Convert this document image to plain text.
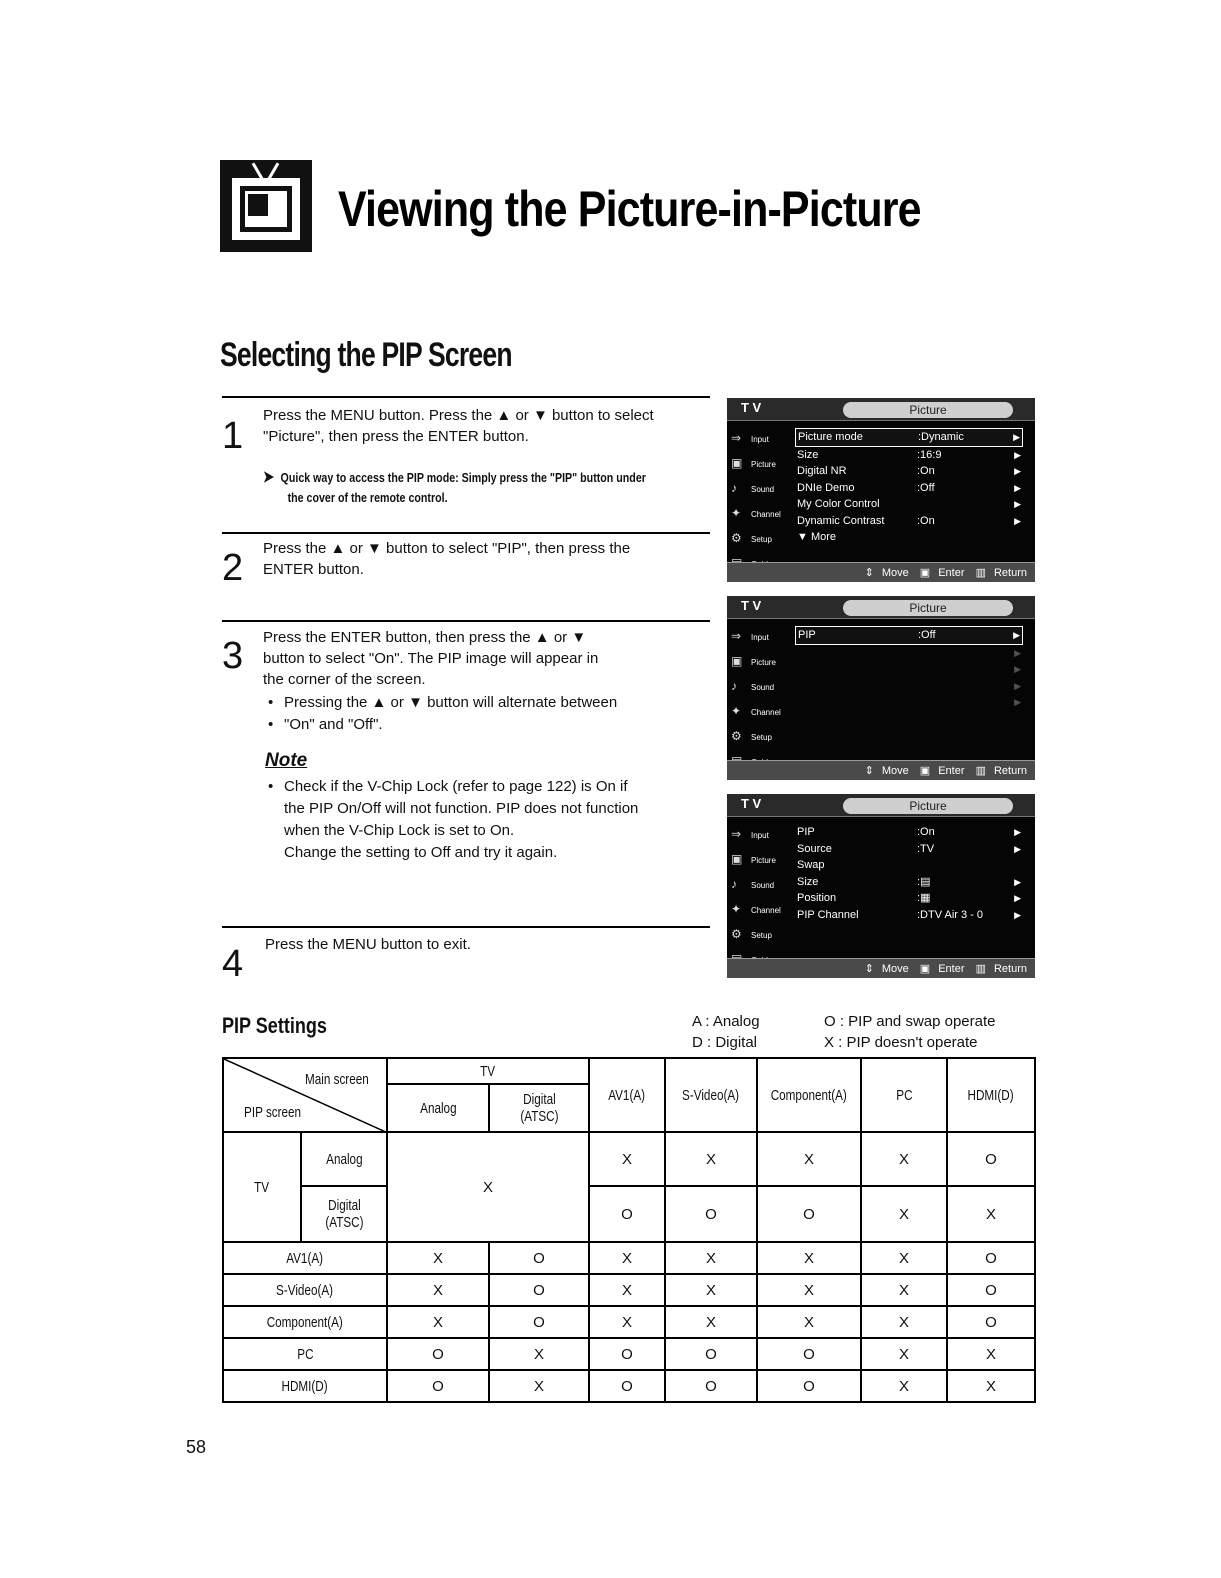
Viewing the Picture-in-Picture
Selecting the PIP Screen
1 Press the MENU button. Press the ▲ or ▼ button to select
"Picture", then press the ENTER button.
➤ Quick way to access the PIP mode: Simply press the "PIP" button under
the cover of the remote control.
2 Press the ▲ or ▼ button to select "PIP", then press the
ENTER button.
3 Press the ENTER button, then press the ▲ or ▼
button to select "On". The PIP image will appear in
the corner of the screen.
• Pressing the ▲ or ▼ button will alternate between
• "On" and "Off".
Note
• Check if the V-Chip Lock (refer to page 122) is On if
the PIP On/Off will not function. PIP does not function
when the V-Chip Lock is set to On.
Change the setting to Off and try it again.
4 Press the MENU button to exit.
T V	Picture
⇒ Input
▣ Picture
♪ Sound
✦ Channel
⚙ Setup
Picture mode	:Dynamic	▶
Size	:16:9	▶
Digital NR	:On	▶
DNIe Demo	:Off	▶
My Color Control	▶
Dynamic Contrast	:On	▶
▼ More
⇕ Move ▣ Enter ▥ Return
T V	Picture
⇒ Input
▣ Picture
♪ Sound
✦ Channel
⚙ Setup
PIP	:Off	▶
▶
▶
▶
▶
⇕ Move ▣ Enter ▥ Return
T V	Picture
⇒ Input
▣ Picture
♪ Sound
✦ Channel
⚙ Setup
PIP	:On	▶
Source	:TV	▶
Swap
Size	:▤	▶
Position	:▦	▶
PIP Channel	:DTV Air 3 - 0	▶
⇕ Move ▣ Enter ▥ Return
PIP Settings	A : Analog
D : Digital
O : PIP and swap operate
X : PIP doesn't operate
Main screen
PIP screen		TV		AV1(A)	S-Video(A)	Component(A)	PC	HDMI(D)
		Analog	Digital
(ATSC)					
TV	Analog	X		X	X	X	X	O
	Digital
(ATSC)			O	O	O	X	X
AV1(A)		X	O	X	X	X	X	O
S-Video(A)		X	O	X	X	X	X	O
Component(A)		X	O	X	X	X	X	O
PC		O	X	O	O	O	X	X
HDMI(D)		O	X	O	O	O	X	X
58
